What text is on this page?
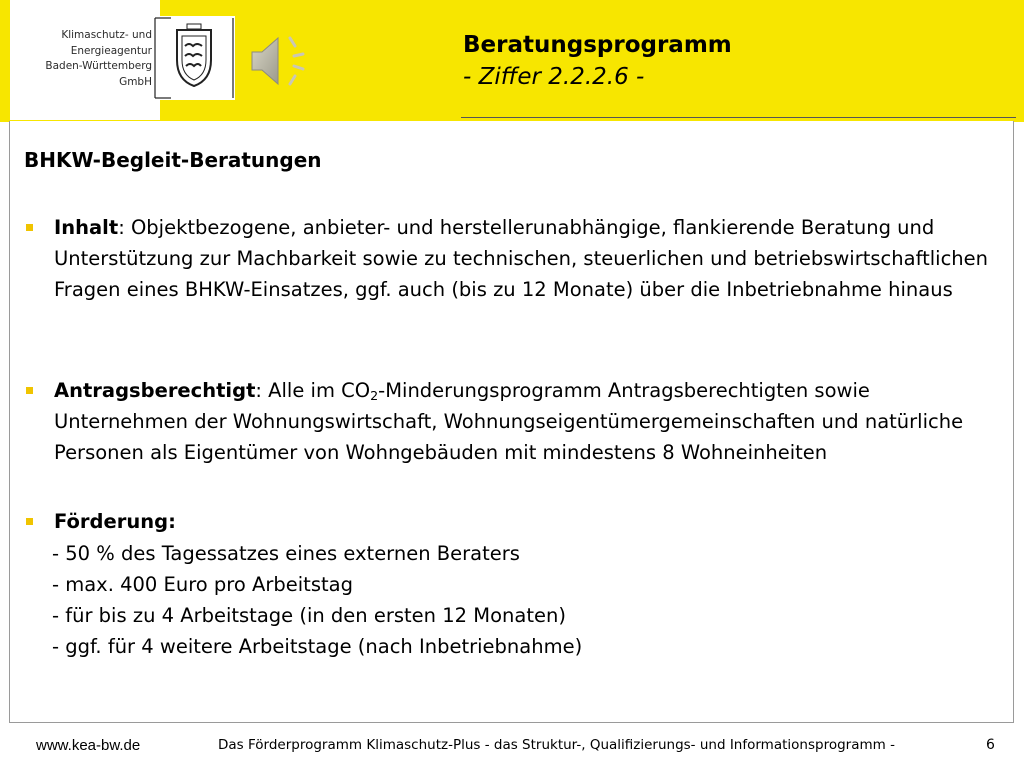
Klimaschutz- und
Energieagentur
Baden-Württemberg
GmbH
Beratungsprogramm
- Ziffer 2.2.2.6 -
BHKW-Begleit-Beratungen
Inhalt: Objektbezogene, anbieter- und herstellerunabhängige, flankierende Beratung und Unterstützung zur Machbarkeit sowie zu technischen, steuerlichen und betriebswirtschaftlichen Fragen eines BHKW-Einsatzes, ggf. auch (bis zu 12 Monate) über die Inbetriebnahme hinaus
Antragsberechtigt: Alle im $CO_2$-Minderungsprogramm Antragsberechtigten sowie Unternehmen der Wohnungswirtschaft, Wohnungseigentümergemeinschaften und natürliche Personen als Eigentümer von Wohngebäuden mit mindestens 8 Wohneinheiten
Förderung:
- 50 % des Tagessatzes eines externen Beraters
- max. 400 Euro pro Arbeitstag
- für bis zu 4 Arbeitstage (in den ersten 12 Monaten)
- ggf. für 4 weitere Arbeitstage (nach Inbetriebnahme)
www.kea-bw.de	Das Förderprogramm Klimaschutz-Plus - das Struktur-, Qualifizierungs- und Informationsprogramm -	6
